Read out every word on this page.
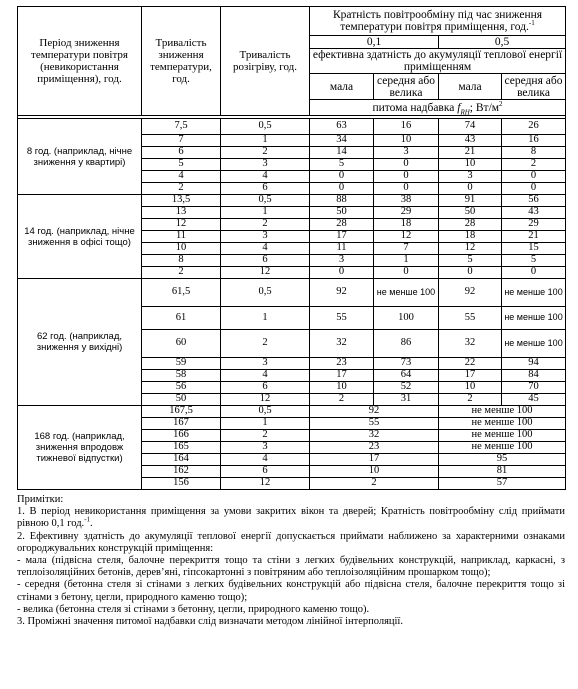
Період зниження температури повітря (невикористання приміщення), год.	Тривалість зниження температури, год.	Тривалість розігріву, год.	Кратність повітрообміну під час зниження температури повітря приміщення, год.$^{-1}$
			0,1		0,5	
			ефективна здатність до акумуляції теплової енергії приміщенням			
			мала	середня або велика	мала	середня або велика
			питома надбавка $f_{RH}$; $Вт/м^2$

8 год. (наприклад, нічне зниження у квартирі)	7,5	0,5	63	16	74	26
	7	1	34	10	43	16
	6	2	14	3	21	8
	5	3	5	0	10	2
	4	4	0	0	3	0
	2	6	0	0	0	0
14 год. (наприклад, нічне зниження в офісі тощо)	13,5	0,5	88	38	91	56
	13	1	50	29	50	43
	12	2	28	18	28	29
	11	3	17	12	18	21
	10	4	11	7	12	15
	8	6	3	1	5	5
	2	12	0	0	0	0
62 год. (наприклад, зниження у вихідні)	61,5	0,5	92	не менше 100	92	не менше 100
	61	1	55	100	55	не менше 100
	60	2	32	86	32	не менше 100
	59	3	23	73	22	94
	58	4	17	64	17	84
	56	6	10	52	10	70
	50	12	2	31	2	45
168 год. (наприклад, зниження впродовж тижневої відпустки)	167,5	0,5	92		не менше 100	
	167	1	55		не менше 100	
	166	2	32		не менше 100	
	165	3	23		не менше 100	
	164	4	17		95	
	162	6	10		81	
	156	12	2		57	

Примітки:

1. В період невикористання приміщення за умови закритих вікон та дверей; Кратність повітрообміну слід приймати рівною 0,1 год.$^{-1}$.

2. Ефективну здатність до акумуляції теплової енергії допускається приймати наближено за характерними ознаками огороджувальних конструкцій приміщення:

- мала (підвісна стеля, балочне перекриття тощо та стіни з легких будівельних конструкцій, наприклад, каркасні, з теплоізоляційних бетонів, дерев’яні, гіпсокартонні з повітряним або теплоізоляційним прошарком тощо);

- середня (бетонна стеля зі стінами з легких будівельних конструкцій або підвісна стеля, балочне перекриття тощо зі стінами з бетону, цегли, природного каменю тощо);

- велика (бетонна стеля зі стінами з бетонну, цегли, природного каменю тощо).

3. Проміжні значення питомої надбавки слід визначати методом лінійної інтерполяції.
